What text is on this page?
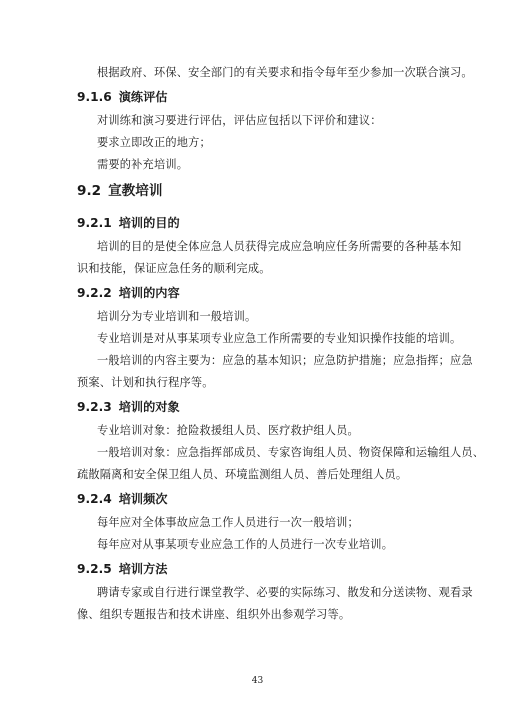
根据政府、环保、安全部门的有关要求和指令每年至少参加一次联合演习。
9.1.6 演练评估
对训练和演习要进行评估，评估应包括以下评价和建议：
要求立即改正的地方；
需要的补充培训。
9.2 宣教培训
9.2.1 培训的目的
培训的目的是使全体应急人员获得完成应急响应任务所需要的各种基本知
识和技能，保证应急任务的顺利完成。
9.2.2 培训的内容
培训分为专业培训和一般培训。
专业培训是对从事某项专业应急工作所需要的专业知识操作技能的培训。
一般培训的内容主要为：应急的基本知识；应急防护措施；应急指挥；应急
预案、计划和执行程序等。
9.2.3 培训的对象
专业培训对象：抢险救援组人员、医疗救护组人员。
一般培训对象：应急指挥部成员、专家咨询组人员、物资保障和运输组人员、
疏散隔离和安全保卫组人员、环境监测组人员、善后处理组人员。
9.2.4 培训频次
每年应对全体事故应急工作人员进行一次一般培训；
每年应对从事某项专业应急工作的人员进行一次专业培训。
9.2.5 培训方法
聘请专家或自行进行课堂教学、必要的实际练习、散发和分送读物、观看录
像、组织专题报告和技术讲座、组织外出参观学习等。
43
